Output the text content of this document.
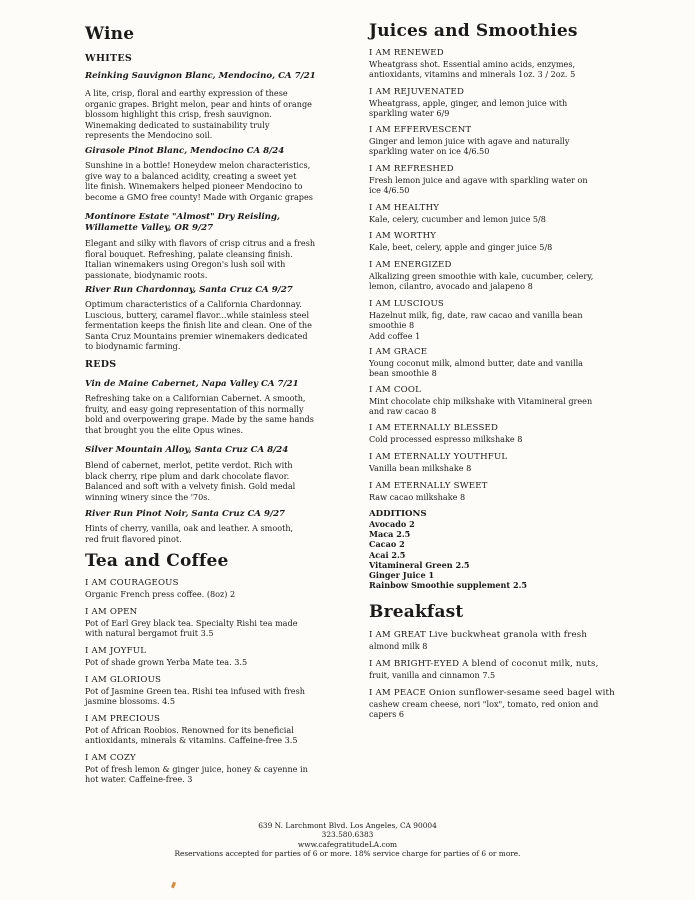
Wine
WHITES
Reinking Sauvignon Blanc, Mendocino, CA 7/21
A lite, crisp, floral and earthy expression of these
organic grapes. Bright melon, pear and hints of orange
blossom highlight this crisp, fresh sauvignon.
Winemaking dedicated to sustainability truly
represents the Mendocino soil.
Girasole Pinot Blanc, Mendocino CA 8/24
Sunshine in a bottle! Honeydew melon characteristics,
give way to a balanced acidity, creating a sweet yet
lite finish. Winemakers helped pioneer Mendocino to
become a GMO free county! Made with Organic grapes
Montinore Estate "Almost" Dry Reisling,
Willamette Valley, OR 9/27
Elegant and silky with flavors of crisp citrus and a fresh
floral bouquet. Refreshing, palate cleansing finish.
Italian winemakers using Oregon's lush soil with
passionate, biodynamic roots.
River Run Chardonnay, Santa Cruz CA 9/27
Optimum characteristics of a California Chardonnay.
Luscious, buttery, caramel flavor...while stainless steel
fermentation keeps the finish lite and clean. One of the
Santa Cruz Mountains premier winemakers dedicated
to biodynamic farming.
REDS
Vin de Maine Cabernet, Napa Valley CA 7/21
Refreshing take on a Californian Cabernet. A smooth,
fruity, and easy going representation of this normally
bold and overpowering grape. Made by the same hands
that brought you the elite Opus wines.
Silver Mountain Alloy, Santa Cruz CA 8/24
Blend of cabernet, merlot, petite verdot. Rich with
black cherry, ripe plum and dark chocolate flavor.
Balanced and soft with a velvety finish. Gold medal
winning winery since the '70s.
River Run Pinot Noir, Santa Cruz CA 9/27
Hints of cherry, vanilla, oak and leather. A smooth,
red fruit flavored pinot.
Tea and Coffee
I AM COURAGEOUS
Organic French press coffee. (8oz) 2
I AM OPEN
Pot of Earl Grey black tea. Specialty Rishi tea made
with natural bergamot fruit 3.5
I AM JOYFUL
Pot of shade grown Yerba Mate tea. 3.5
I AM GLORIOUS
Pot of Jasmine Green tea. Rishi tea infused with fresh
jasmine blossoms. 4.5
I AM PRECIOUS
Pot of African Roobios. Renowned for its beneficial
antioxidants, minerals & vitamins. Caffeine-free 3.5
I AM COZY
Pot of fresh lemon & ginger juice, honey & cayenne in
hot water. Caffeine-free. 3
Juices and Smoothies
I AM RENEWED
Wheatgrass shot. Essential amino acids, enzymes,
antioxidants, vitamins and minerals 1oz. 3 / 2oz. 5
I AM REJUVENATED
Wheatgrass, apple, ginger, and lemon juice with
sparkling water 6/9
I AM EFFERVESCENT
Ginger and lemon juice with agave and naturally
sparkling water on ice 4/6.50
I AM REFRESHED
Fresh lemon juice and agave with sparkling water on
ice 4/6.50
I AM HEALTHY
Kale, celery, cucumber and lemon juice 5/8
I AM WORTHY
Kale, beet, celery, apple and ginger juice 5/8
I AM ENERGIZED
Alkalizing green smoothie with kale, cucumber, celery,
lemon, cilantro, avocado and jalapeno 8
I AM LUSCIOUS
Hazelnut milk, fig, date, raw cacao and vanilla bean
smoothie 8
Add coffee 1
I AM GRACE
Young coconut milk, almond butter, date and vanilla
bean smoothie 8
I AM COOL
Mint chocolate chip milkshake with Vitamineral green
and raw cacao 8
I AM ETERNALLY BLESSED
Cold processed espresso milkshake 8
I AM ETERNALLY YOUTHFUL
Vanilla bean milkshake 8
I AM ETERNALLY SWEET
Raw cacao milkshake 8
ADDITIONS
Avocado 2
Maca 2.5
Cacao 2
Acai 2.5
Vitamineral Green 2.5
Ginger Juice 1
Rainbow Smoothie supplement 2.5
Breakfast
I AM GREAT Live buckwheat granola with fresh
almond milk 8
I AM BRIGHT-EYED A blend of coconut milk, nuts,
fruit, vanilla and cinnamon 7.5
I AM PEACE Onion sunflower-sesame seed bagel with
cashew cream cheese, nori "lox", tomato, red onion and
capers 6
639 N. Larchmont Blvd. Los Angeles, CA 90004
323.580.6383
www.cafegratitudeLA.com
Reservations accepted for parties of 6 or more. 18% service charge for parties of 6 or more.
